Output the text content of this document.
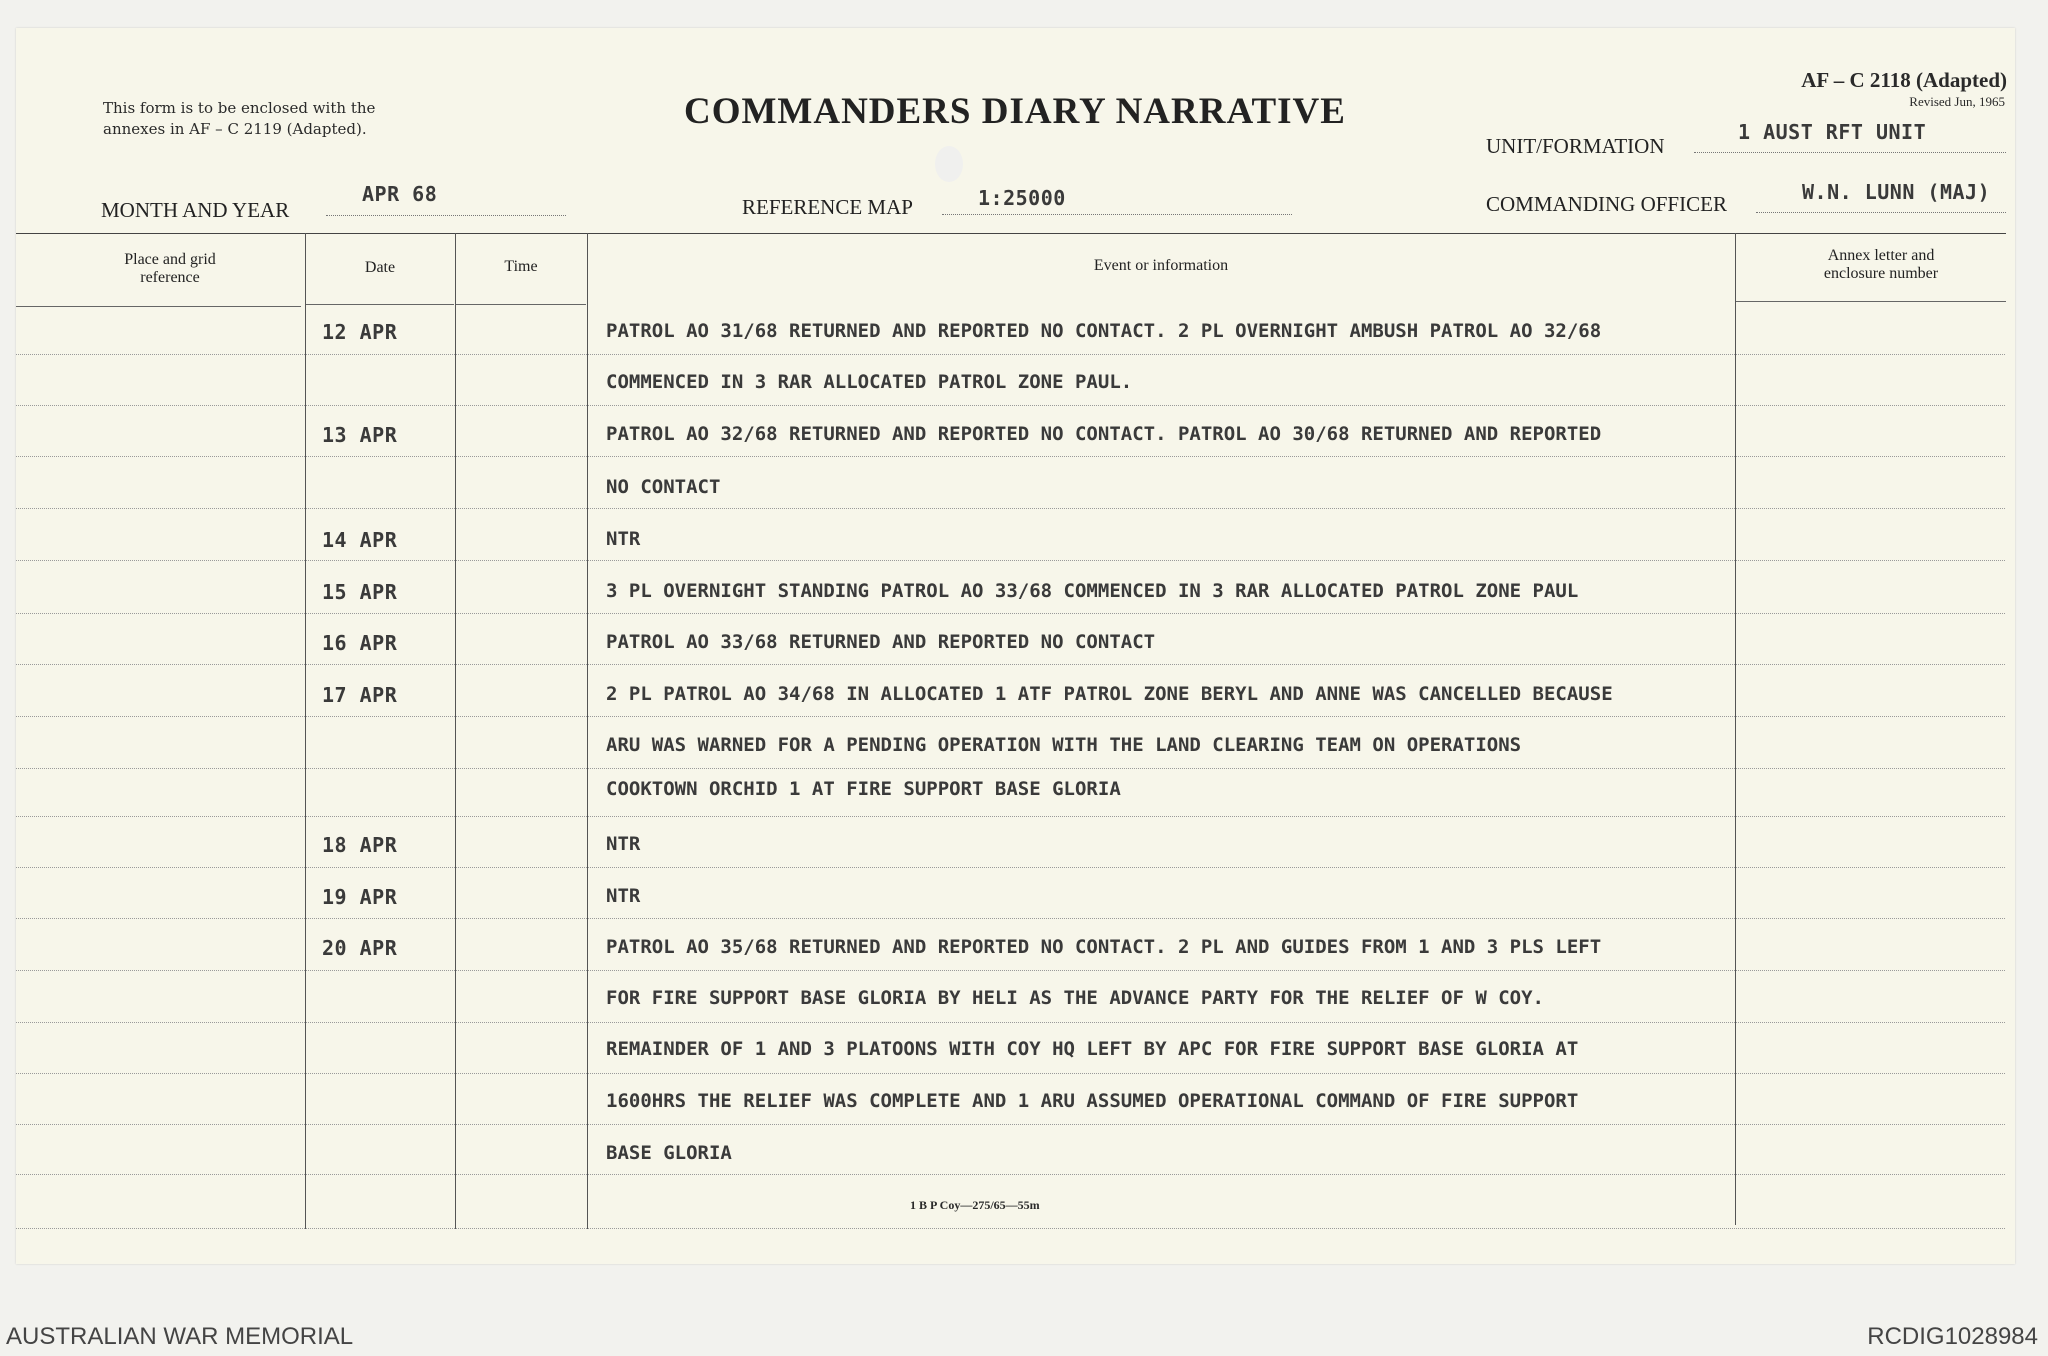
This form is to be enclosed with the
annexes in AF – C 2119 (Adapted).	COMMANDERS DIARY NARRATIVE
AF – C 2118 (Adapted)
Revised Jun, 1965
UNIT/FORMATION
1 AUST RFT UNIT
MONTH AND YEAR
APR 68
REFERENCE MAP	1:25000	COMMANDING OFFICER	W.N. LUNN (MAJ)
Place and grid
reference
Date	Time	Event or information
Annex letter and
enclosure number
12 APR	PATROL AO 31/68 RETURNED AND REPORTED NO CONTACT. 2 PL OVERNIGHT AMBUSH PATROL AO 32/68
COMMENCED IN 3 RAR ALLOCATED PATROL ZONE PAUL.
13 APR	PATROL AO 32/68 RETURNED AND REPORTED NO CONTACT. PATROL AO 30/68 RETURNED AND REPORTED
NO CONTACT
14 APR	NTR
15 APR	3 PL OVERNIGHT STANDING PATROL AO 33/68 COMMENCED IN 3 RAR ALLOCATED PATROL ZONE PAUL
16 APR	PATROL AO 33/68 RETURNED AND REPORTED NO CONTACT
17 APR	2 PL PATROL AO 34/68 IN ALLOCATED 1 ATF PATROL ZONE BERYL AND ANNE WAS CANCELLED BECAUSE
ARU WAS WARNED FOR A PENDING OPERATION WITH THE LAND CLEARING TEAM ON OPERATIONS
COOKTOWN ORCHID 1 AT FIRE SUPPORT BASE GLORIA
18 APR	NTR
19 APR	NTR
20 APR	PATROL AO 35/68 RETURNED AND REPORTED NO CONTACT. 2 PL AND GUIDES FROM 1 AND 3 PLS LEFT
FOR FIRE SUPPORT BASE GLORIA BY HELI AS THE ADVANCE PARTY FOR THE RELIEF OF W COY.
REMAINDER OF 1 AND 3 PLATOONS WITH COY HQ LEFT BY APC FOR FIRE SUPPORT BASE GLORIA AT
1600HRS THE RELIEF WAS COMPLETE AND 1 ARU ASSUMED OPERATIONAL COMMAND OF FIRE SUPPORT
BASE GLORIA
1 B P Coy—275/65—55m
AUSTRALIAN WAR MEMORIAL	RCDIG1028984
